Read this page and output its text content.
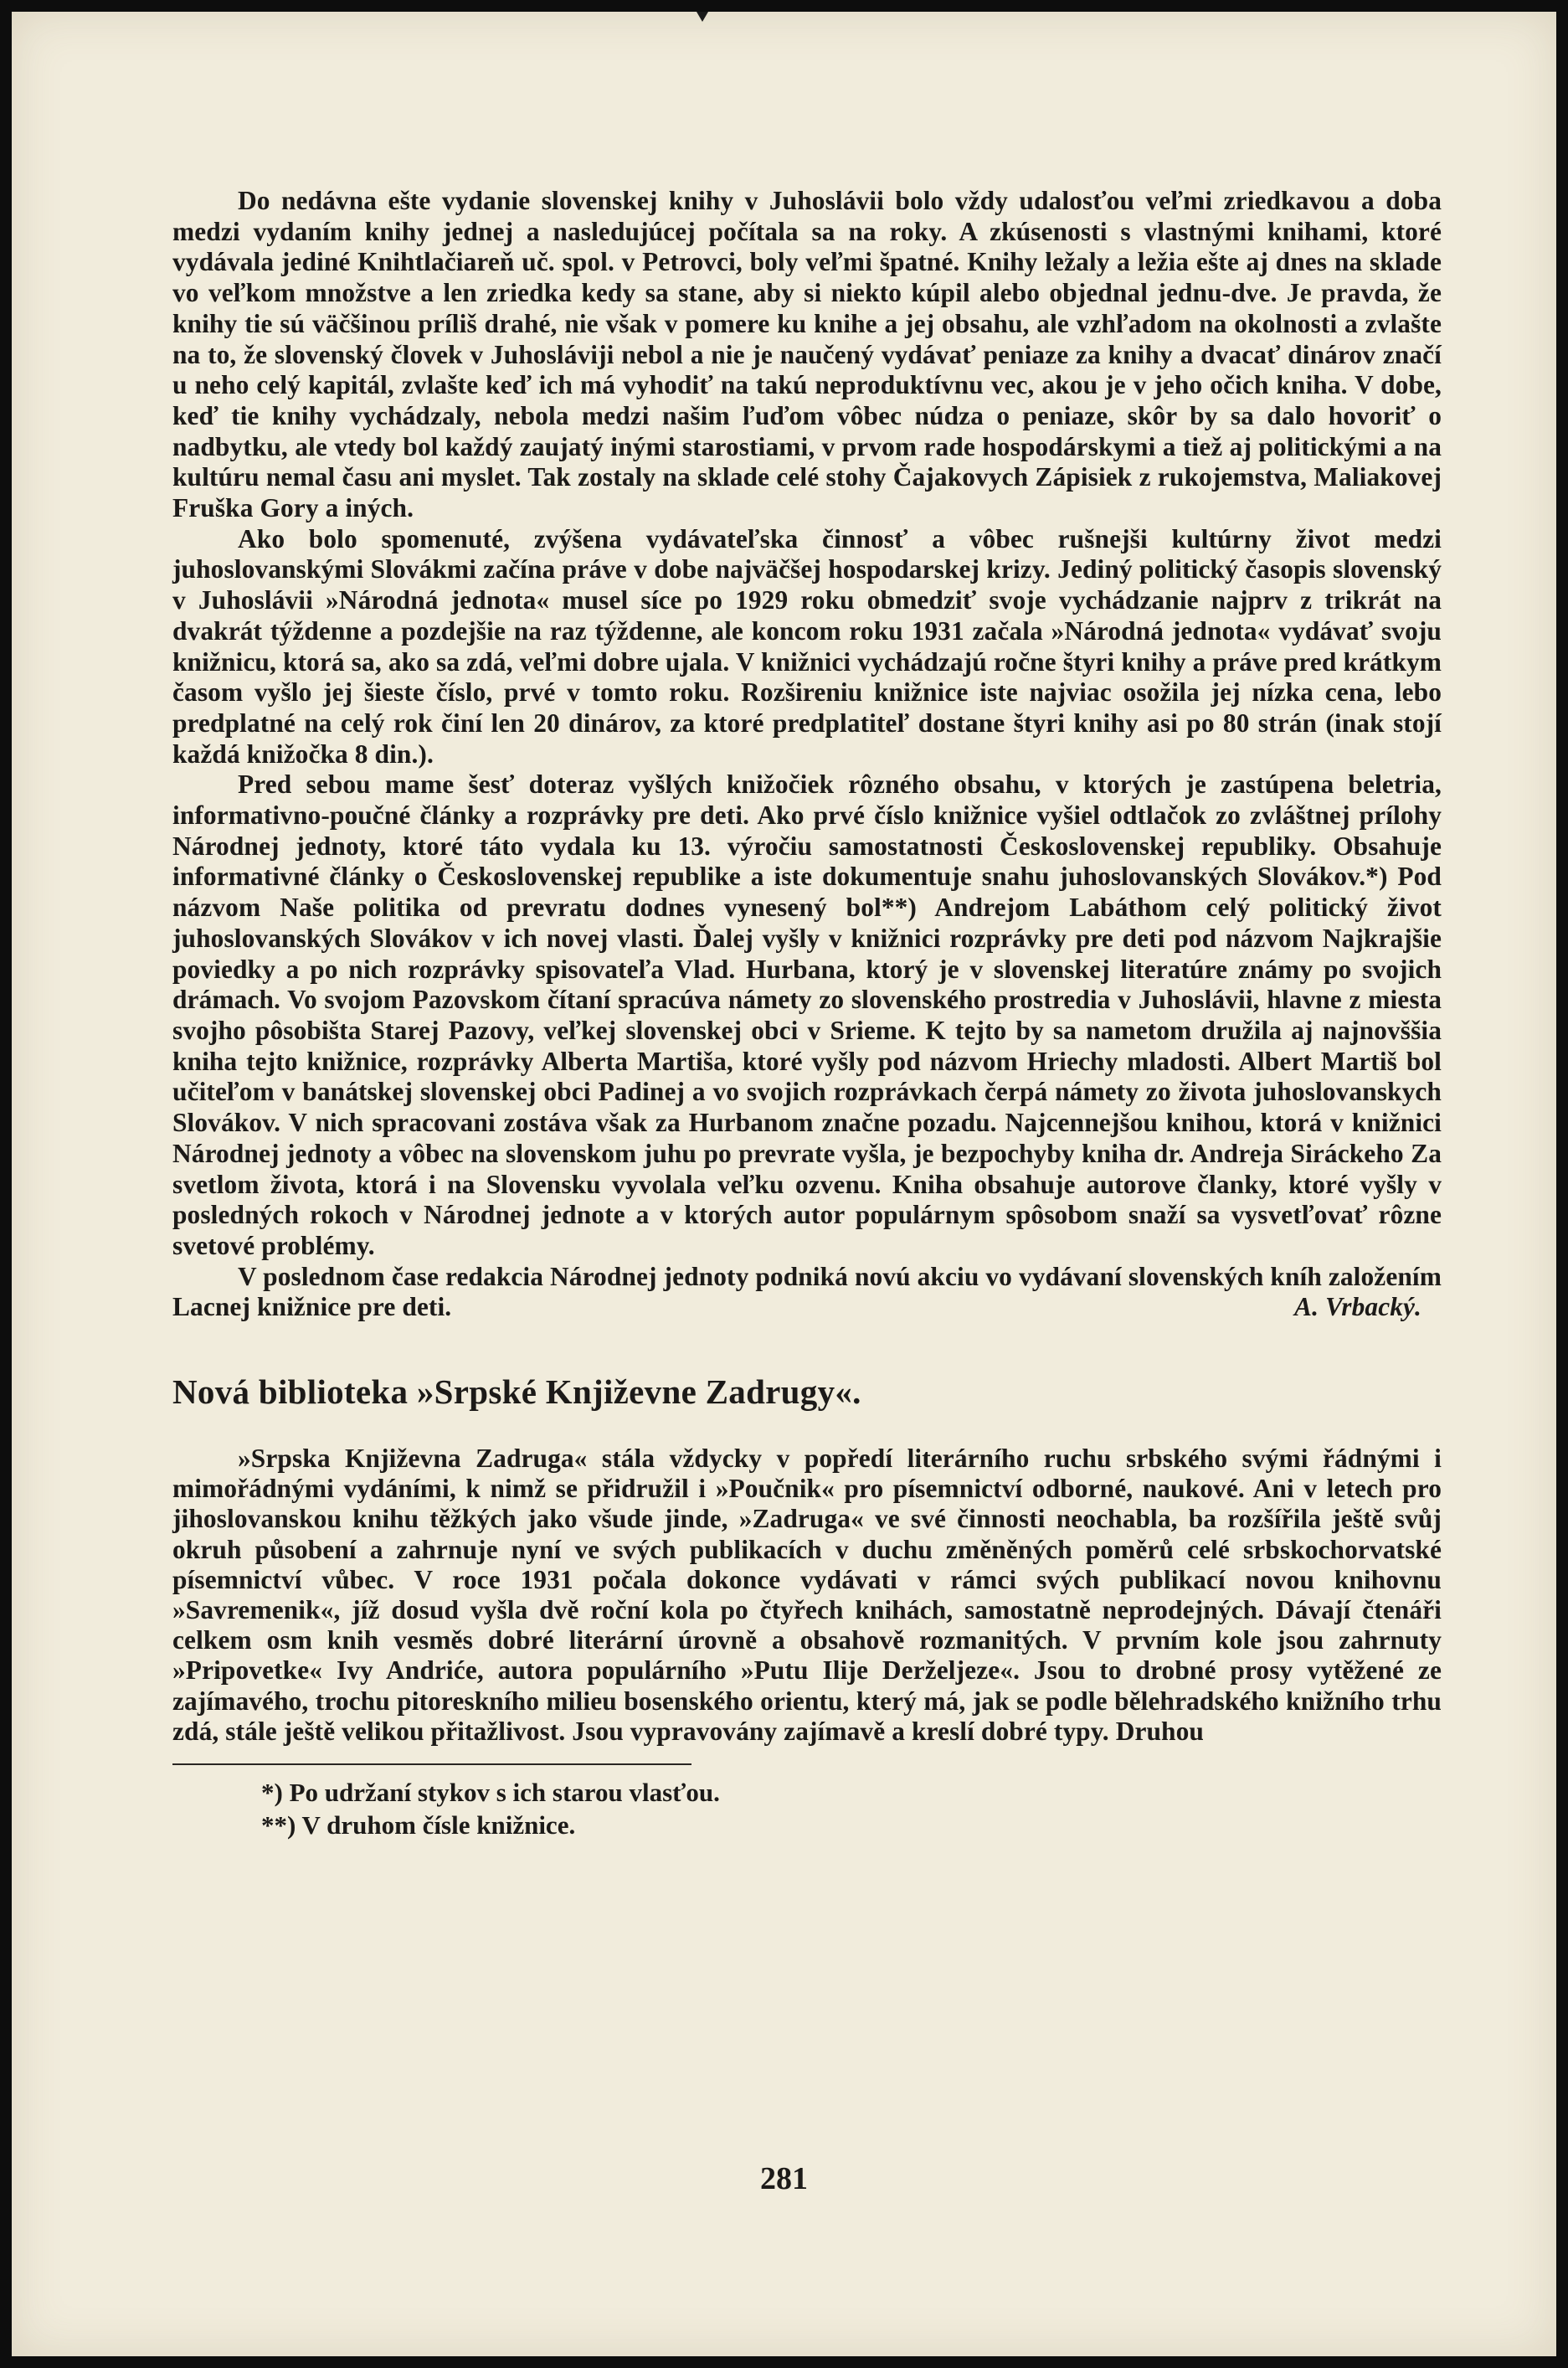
Do nedávna ešte vydanie slovenskej knihy v Juhoslávii bolo vždy udalosťou veľmi zriedkavou a doba medzi vydaním knihy jednej a nasledujúcej počítala sa na roky. A zkúsenosti s vlastnými knihami, ktoré vydávala jediné Knihtlačiareň uč. spol. v Petrovci, boly veľmi špatné. Knihy ležaly a ležia ešte aj dnes na sklade vo veľkom množstve a len zriedka kedy sa stane, aby si niekto kúpil alebo objednal jednu-dve. Je pravda, že knihy tie sú väčšinou príliš drahé, nie však v pomere ku knihe a jej obsahu, ale vzhľadom na okolnosti a zvlašte na to, že slovenský človek v Juhosláviji nebol a nie je naučený vydávať peniaze za knihy a dvacať dinárov značí u neho celý kapitál, zvlašte keď ich má vyhodiť na takú neproduktívnu vec, akou je v jeho očich kniha. V dobe, keď tie knihy vychádzaly, nebola medzi našim ľuďom vôbec núdza o peniaze, skôr by sa dalo hovoriť o nadbytku, ale vtedy bol každý zaujatý inými starostiami, v prvom rade hospodárskymi a tiež aj politickými a na kultúru nemal času ani myslet. Tak zostaly na sklade celé stohy Čajakovych Zápisiek z rukojemstva, Maliakovej Fruška Gory a iných.

Ako bolo spomenuté, zvýšena vydávateľska činnosť a vôbec rušnejši kultúrny život medzi juhoslovanskými Slovákmi začína práve v dobe najväčšej hospodarskej krizy. Jediný politický časopis slovenský v Juhoslávii »Národná jednota« musel síce po 1929 roku obmedziť svoje vychádzanie najprv z trikrát na dvakrát týždenne a pozdejšie na raz týždenne, ale koncom roku 1931 začala »Národná jednota« vydávať svoju knižnicu, ktorá sa, ako sa zdá, veľmi dobre ujala. V knižnici vychádzajú ročne štyri knihy a práve pred krátkym časom vyšlo jej šieste číslo, prvé v tomto roku. Rozšireniu knižnice iste najviac osožila jej nízka cena, lebo predplatné na celý rok činí len 20 dinárov, za ktoré predplatiteľ dostane štyri knihy asi po 80 strán (inak stojí každá knižočka 8 din.).

Pred sebou mame šesť doteraz vyšlých knižočiek rôzného obsahu, v ktorých je zastúpena beletria, informativno-poučné články a rozprávky pre deti. Ako prvé číslo knižnice vyšiel odtlačok zo zvláštnej prílohy Národnej jednoty, ktoré táto vydala ku 13. výročiu samostatnosti Československej republiky. Obsahuje informativné články o Československej republike a iste dokumentuje snahu juhoslovanských Slovákov.*) Pod názvom Naše politika od prevratu dodnes vynesený bol**) Andrejom Labáthom celý politický život juhoslovanských Slovákov v ich novej vlasti. Ďalej vyšly v knižnici rozprávky pre deti pod názvom Najkrajšie poviedky a po nich rozprávky spisovateľa Vlad. Hurbana, ktorý je v slovenskej literatúre známy po svojich drámach. Vo svojom Pazovskom čítaní spracúva námety zo slovenského prostredia v Juhoslávii, hlavne z miesta svojho pôsobišta Starej Pazovy, veľkej slovenskej obci v Srieme. K tejto by sa nametom družila aj najnovššia kniha tejto knižnice, rozprávky Alberta Martiša, ktoré vyšly pod názvom Hriechy mladosti. Albert Martiš bol učiteľom v banátskej slovenskej obci Padinej a vo svojich rozprávkach čerpá námety zo života juhoslovanskych Slovákov. V nich spracovani zostáva však za Hurbanom značne pozadu. Najcennejšou knihou, ktorá v knižnici Národnej jednoty a vôbec na slovenskom juhu po prevrate vyšla, je bezpochyby kniha dr. Andreja Siráckeho Za svetlom života, ktorá i na Slovensku vyvolala veľku ozvenu. Kniha obsahuje autorove članky, ktoré vyšly v posledných rokoch v Národnej jednote a v ktorých autor populárnym spôsobom snaží sa vysvetľovať rôzne svetové problémy.

V poslednom čase redakcia Národnej jednoty podniká novú akciu vo vydávaní slovenských kníh založením Lacnej knižnice pre deti.	A. Vrbacký.

Nová biblioteka »Srpské Književne Zadrugy«.

»Srpska Književna Zadruga« stála vždycky v popředí literárního ruchu srbského svými řádnými i mimořádnými vydáními, k nimž se přidružil i »Poučnik« pro písemnictví odborné, naukové. Ani v letech pro jihoslovanskou knihu těžkých jako všude jinde, »Zadruga« ve své činnosti neochabla, ba rozšířila ještě svůj okruh působení a zahrnuje nyní ve svých publikacích v duchu změněných poměrů celé srbskochorvatské písemnictví vůbec. V roce 1931 počala dokonce vydávati v rámci svých publikací novou knihovnu »Savremenik«, jíž dosud vyšla dvě roční kola po čtyřech knihách, samostatně neprodejných. Dávají čtenáři celkem osm knih vesměs dobré literární úrovně a obsahově rozmanitých. V prvním kole jsou zahrnuty »Pripovetke« Ivy Andriće, autora populárního »Putu Ilije Derželjeze«. Jsou to drobné prosy vytěžené ze zajímavého, trochu pitoreskního milieu bosenského orientu, který má, jak se podle bělehradského knižního trhu zdá, stále ještě velikou přitažlivost. Jsou vypravovány zajímavě a kreslí dobré typy. Druhou

*) Po udržaní stykov s ich starou vlasťou.

**) V druhom čísle knižnice.

281
